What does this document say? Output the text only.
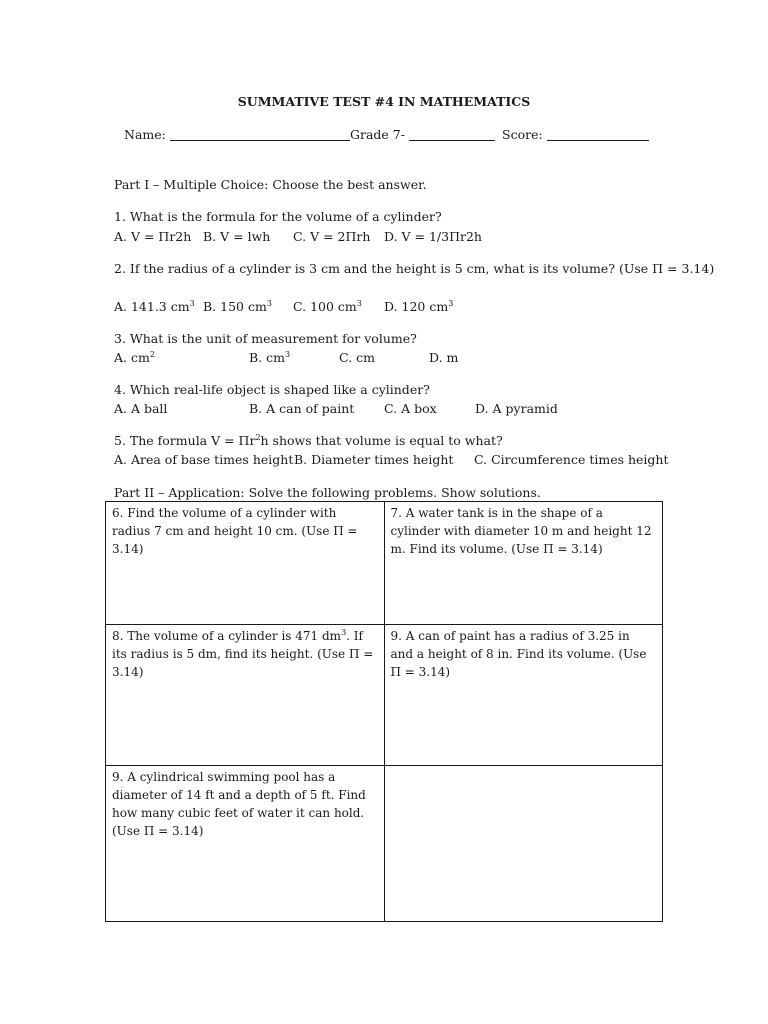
SUMMATIVE TEST #4 IN MATHEMATICS
Name:	Grade 7-	Score:
Part I – Multiple Choice: Choose the best answer.
1. What is the formula for the volume of a cylinder?
A. V = Πr2h B. V = lwh C. V = 2Πrh D. V = 1/3Πr2h
2. If the radius of a cylinder is 3 cm and the height is 5 cm, what is its volume? (Use Π = 3.14)
A. 141.3 $cm^3$ B. 150 $cm^3$ C. 100 $cm^3$ D. 120 $cm^3$
3. What is the unit of measurement for volume?
A. $cm^2$	B. $cm^3$	C. cm	D. m
4. Which real-life object is shaped like a cylinder?
A. A ball	B. A can of paint C. A box	D. A pyramid
5. The formula $V = \Pi r^2h$ shows that volume is equal to what?
A. Area of base times height B. Diameter times height C. Circumference times height
Part II – Application: Solve the following problems. Show solutions.
6. Find the volume of a cylinder with radius 7 cm and height 10 cm. (Use Π = 3.14)	7. A water tank is in the shape of a cylinder with diameter 10 m and height 12 m. Find its volume. (Use Π = 3.14)
8. The volume of a cylinder is 471 $dm^3$. If its radius is 5 dm, find its height. (Use Π = 3.14)	9. A can of paint has a radius of 3.25 in and a height of 8 in. Find its volume. (Use Π = 3.14)
9. A cylindrical swimming pool has a diameter of 14 ft and a depth of 5 ft. Find how many cubic feet of water it can hold. (Use Π = 3.14)	
